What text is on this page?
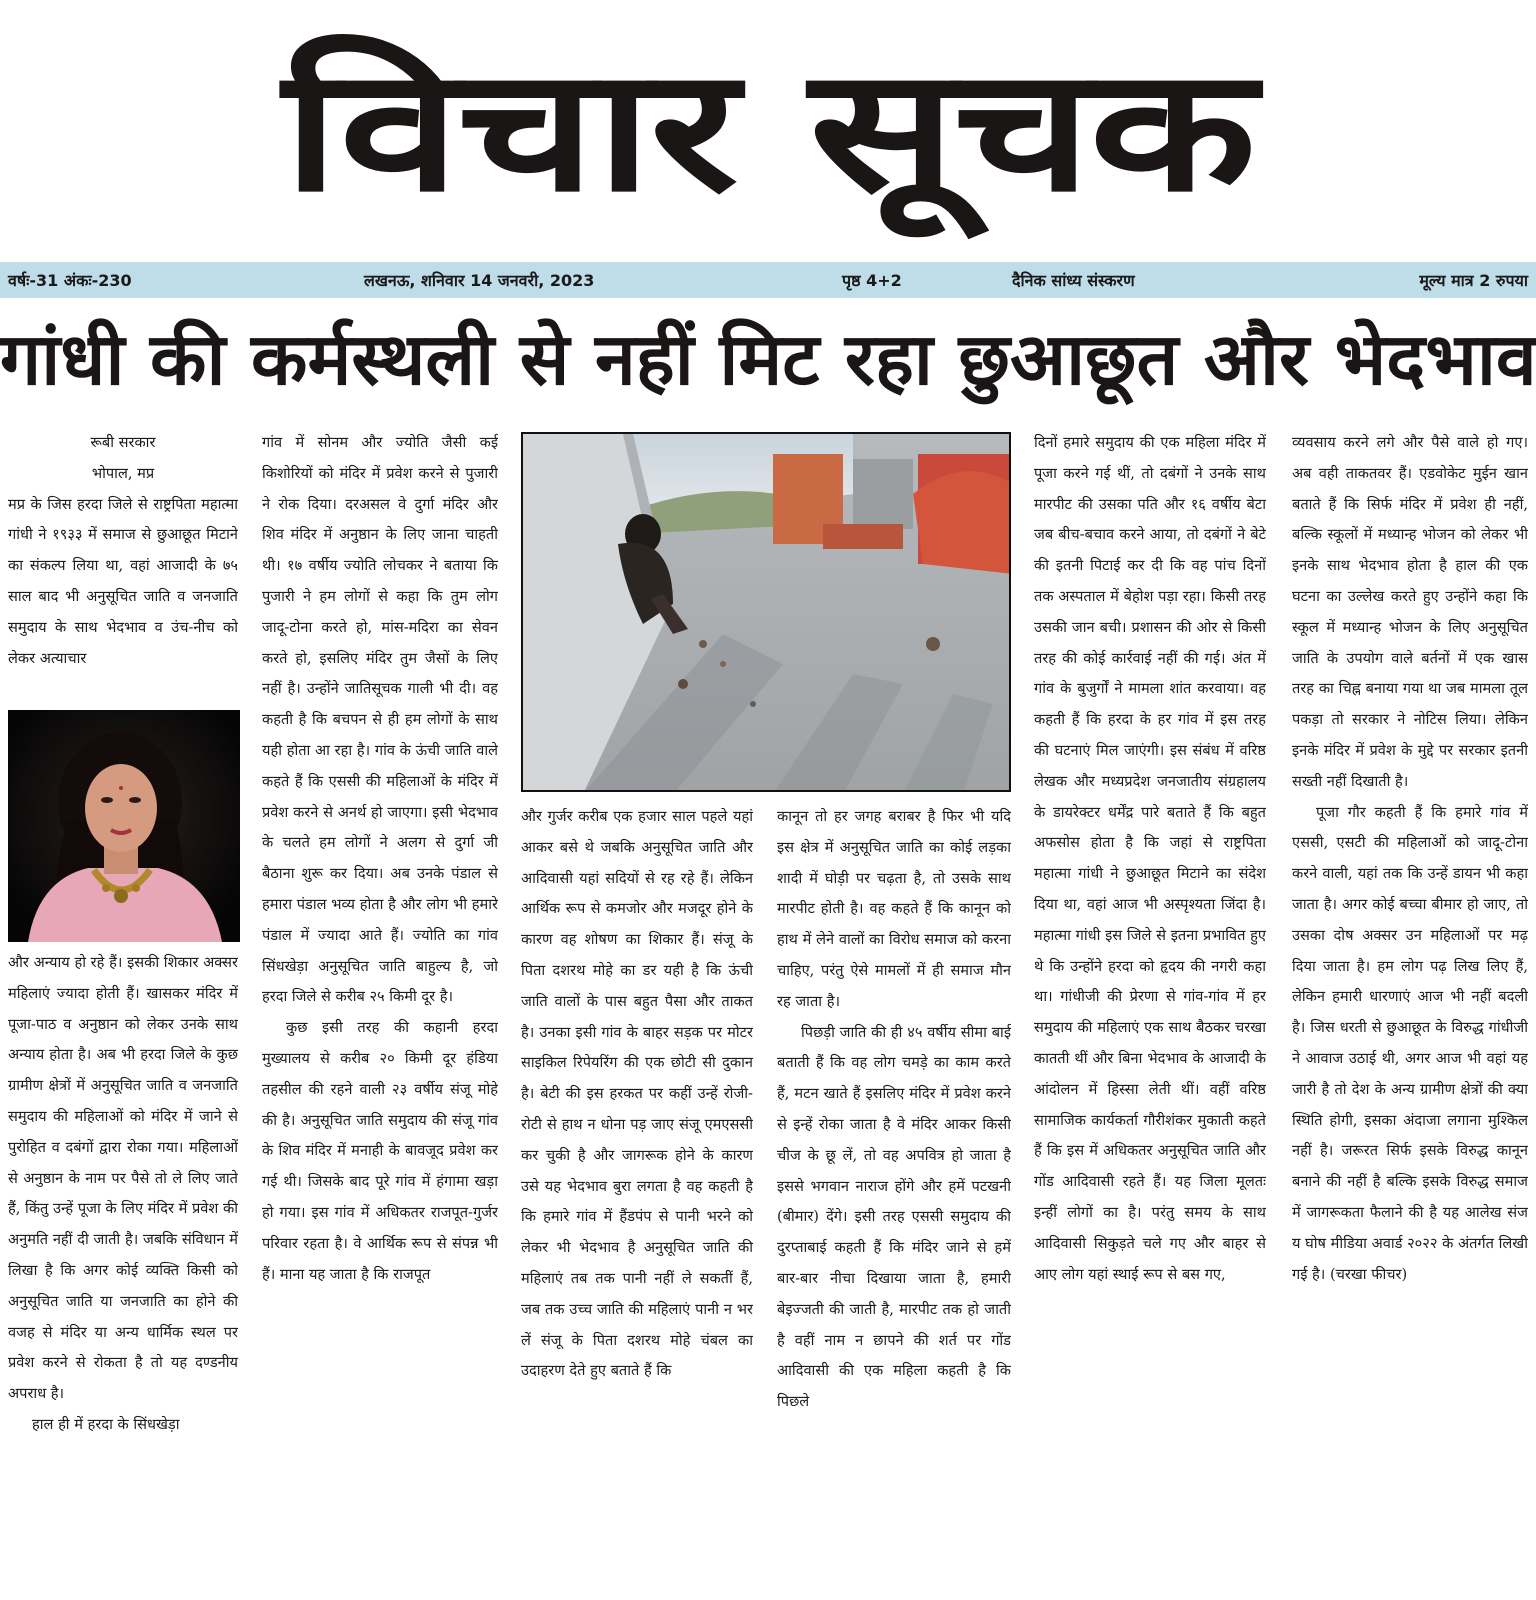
विचार सूचक
वर्षः-31 अंकः-230	लखनऊ, शनिवार 14 जनवरी, 2023	पृष्ठ 4+2	दैनिक सांध्य संस्करण	मूल्य मात्र 2 रुपया
गांधी की कर्मस्थली से नहीं मिट रहा छुआछूत और भेदभाव
रूबी सरकार
भोपाल, मप्र

मप्र के जिस हरदा जिले से राष्ट्रपिता महात्मा गांधी ने १९३३ में समाज से छुआछूत मिटाने का संकल्प लिया था, वहां आजादी के ७५ साल बाद भी अनुसूचित जाति व जनजाति समुदाय के साथ भेदभाव व उंच-नीच को लेकर अत्याचार

और अन्याय हो रहे हैं। इसकी शिकार अक्सर महिलाएं ज्यादा होती हैं। खासकर मंदिर में पूजा-पाठ व अनुष्ठान को लेकर उनके साथ अन्याय होता है। अब भी हरदा जिले के कुछ ग्रामीण क्षेत्रों में अनुसूचित जाति व जनजाति समुदाय की महिलाओं को मंदिर में जाने से पुरोहित व दबंगों द्वारा रोका गया। महिलाओं से अनुष्ठान के नाम पर पैसे तो ले लिए जाते हैं, किंतु उन्हें पूजा के लिए मंदिर में प्रवेश की अनुमति नहीं दी जाती है। जबकि संविधान में लिखा है कि अगर कोई व्यक्ति किसी को अनुसूचित जाति या जनजाति का होने की वजह से मंदिर या अन्य धार्मिक स्थल पर प्रवेश करने से रोकता है तो यह दण्डनीय अपराध है।

हाल ही में हरदा के सिंधखेड़ा

गांव में सोनम और ज्योति जैसी कई किशोरियों को मंदिर में प्रवेश करने से पुजारी ने रोक दिया। दरअसल वे दुर्गा मंदिर और शिव मंदिर में अनुष्ठान के लिए जाना चाहती थी। १७ वर्षीय ज्योति लोचकर ने बताया कि पुजारी ने हम लोगों से कहा कि तुम लोग जादू-टोना करते हो, मांस-मदिरा का सेवन करते हो, इसलिए मंदिर तुम जैसों के लिए नहीं है। उन्होंने जातिसूचक गाली भी दी। वह कहती है कि बचपन से ही हम लोगों के साथ यही होता आ रहा है। गांव के ऊंची जाति वाले कहते हैं कि एससी की महिलाओं के मंदिर में प्रवेश करने से अनर्थ हो जाएगा। इसी भेदभाव के चलते हम लोगों ने अलग से दुर्गा जी बैठाना शुरू कर दिया। अब उनके पंडाल से हमारा पंडाल भव्य होता है और लोग भी हमारे पंडाल में ज्यादा आते हैं। ज्योति का गांव सिंधखेड़ा अनुसूचित जाति बाहुल्य है, जो हरदा जिले से करीब २५ किमी दूर है।

कुछ इसी तरह की कहानी हरदा मुख्यालय से करीब २० किमी दूर हंडिया तहसील की रहने वाली २३ वर्षीय संजू मोहे की है। अनुसूचित जाति समुदाय की संजू गांव के शिव मंदिर में मनाही के बावजूद प्रवेश कर गई थी। जिसके बाद पूरे गांव में हंगामा खड़ा हो गया। इस गांव में अधिकतर राजपूत-गुर्जर परिवार रहता है। वे आर्थिक रूप से संपन्न भी हैं। माना यह जाता है कि राजपूत

और गुर्जर करीब एक हजार साल पहले यहां आकर बसे थे जबकि अनुसूचित जाति और आदिवासी यहां सदियों से रह रहे हैं। लेकिन आर्थिक रूप से कमजोर और मजदूर होने के कारण वह शोषण का शिकार हैं। संजू के पिता दशरथ मोहे का डर यही है कि ऊंची जाति वालों के पास बहुत पैसा और ताकत है। उनका इसी गांव के बाहर सड़क पर मोटर साइकिल रिपेयरिंग की एक छोटी सी दुकान है। बेटी की इस हरकत पर कहीं उन्हें रोजी-रोटी से हाथ न धोना पड़ जाए संजू एमएससी कर चुकी है और जागरूक होने के कारण उसे यह भेदभाव बुरा लगता है वह कहती है कि हमारे गांव में हैंडपंप से पानी भरने को लेकर भी भेदभाव है अनुसूचित जाति की महिलाएं तब तक पानी नहीं ले सकतीं हैं, जब तक उच्च जाति की महिलाएं पानी न भर लें संजू के पिता दशरथ मोहे चंबल का उदाहरण देते हुए बताते हैं कि

कानून तो हर जगह बराबर है फिर भी यदि इस क्षेत्र में अनुसूचित जाति का कोई लड़का शादी में घोड़ी पर चढ़ता है, तो उसके साथ मारपीट होती है। वह कहते हैं कि कानून को हाथ में लेने वालों का विरोध समाज को करना चाहिए, परंतु ऐसे मामलों में ही समाज मौन रह जाता है।

पिछड़ी जाति की ही ४५ वर्षीय सीमा बाई बताती हैं कि वह लोग चमड़े का काम करते हैं, मटन खाते हैं इसलिए मंदिर में प्रवेश करने से इन्हें रोका जाता है वे मंदिर आकर किसी चीज के छू लें, तो वह अपवित्र हो जाता है इससे भगवान नाराज होंगे और हमें पटखनी (बीमार) देंगे। इसी तरह एससी समुदाय की दुरप्ताबाई कहती हैं कि मंदिर जाने से हमें बार-बार नीचा दिखाया जाता है, हमारी बेइज्जती की जाती है, मारपीट तक हो जाती है वहीं नाम न छापने की शर्त पर गोंड आदिवासी की एक महिला कहती है कि पिछले

दिनों हमारे समुदाय की एक महिला मंदिर में पूजा करने गई थीं, तो दबंगों ने उनके साथ मारपीट की उसका पति और १६ वर्षीय बेटा जब बीच-बचाव करने आया, तो दबंगों ने बेटे की इतनी पिटाई कर दी कि वह पांच दिनों तक अस्पताल में बेहोश पड़ा रहा। किसी तरह उसकी जान बची। प्रशासन की ओर से किसी तरह की कोई कार्रवाई नहीं की गई। अंत में गांव के बुजुर्गों ने मामला शांत करवाया। वह कहती हैं कि हरदा के हर गांव में इस तरह की घटनाएं मिल जाएंगी। इस संबंध में वरिष्ठ लेखक और मध्यप्रदेश जनजातीय संग्रहालय के डायरेक्टर धर्मेंद्र पारे बताते हैं कि बहुत अफसोस होता है कि जहां से राष्ट्रपिता महात्मा गांधी ने छुआछूत मिटाने का संदेश दिया था, वहां आज भी अस्पृश्यता जिंदा है। महात्मा गांधी इस जिले से इतना प्रभावित हुए थे कि उन्होंने हरदा को हृदय की नगरी कहा था। गांधीजी की प्रेरणा से गांव-गांव में हर समुदाय की महिलाएं एक साथ बैठकर चरखा कातती थीं और बिना भेदभाव के आजादी के आंदोलन में हिस्सा लेती थीं। वहीं वरिष्ठ सामाजिक कार्यकर्ता गौरीशंकर मुकाती कहते हैं कि इस में अधिकतर अनुसूचित जाति और गोंड आदिवासी रहते हैं। यह जिला मूलतः इन्हीं लोगों का है। परंतु समय के साथ आदिवासी सिकुड़ते चले गए और बाहर से आए लोग यहां स्थाई रूप से बस गए,

व्यवसाय करने लगे और पैसे वाले हो गए। अब वही ताकतवर हैं। एडवोकेट मुईन खान बताते हैं कि सिर्फ मंदिर में प्रवेश ही नहीं, बल्कि स्कूलों में मध्यान्ह भोजन को लेकर भी इनके साथ भेदभाव होता है हाल की एक घटना का उल्लेख करते हुए उन्होंने कहा कि स्कूल में मध्यान्ह भोजन के लिए अनुसूचित जाति के उपयोग वाले बर्तनों में एक खास तरह का चिह्न बनाया गया था जब मामला तूल पकड़ा तो सरकार ने नोटिस लिया। लेकिन इनके मंदिर में प्रवेश के मुद्दे पर सरकार इतनी सख्ती नहीं दिखाती है।

पूजा गौर कहती हैं कि हमारे गांव में एससी, एसटी की महिलाओं को जादू-टोना करने वाली, यहां तक कि उन्हें डायन भी कहा जाता है। अगर कोई बच्चा बीमार हो जाए, तो उसका दोष अक्सर उन महिलाओं पर मढ़ दिया जाता है। हम लोग पढ़ लिख लिए हैं, लेकिन हमारी धारणाएं आज भी नहीं बदली है। जिस धरती से छुआछूत के विरुद्ध गांधीजी ने आवाज उठाई थी, अगर आज भी वहां यह जारी है तो देश के अन्य ग्रामीण क्षेत्रों की क्या स्थिति होगी, इसका अंदाजा लगाना मुश्किल नहीं है। जरूरत सिर्फ इसके विरुद्ध कानून बनाने की नहीं है बल्कि इसके विरुद्ध समाज में जागरूकता फैलाने की है यह आलेख संज य घोष मीडिया अवार्ड २०२२ के अंतर्गत लिखी गई है। (चरखा फीचर)
